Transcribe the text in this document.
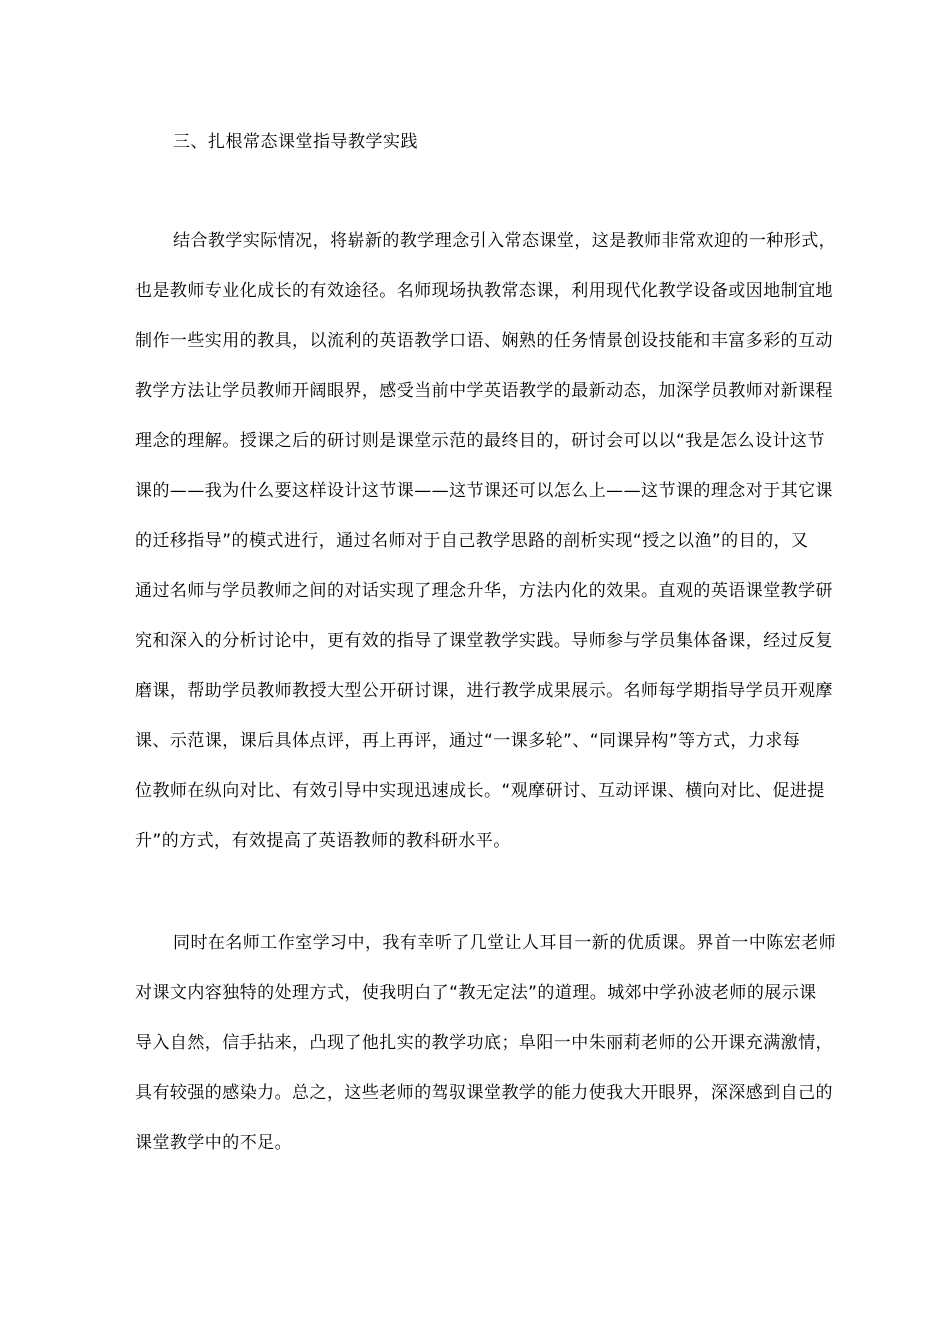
三、扎根常态课堂指导教学实践
结合教学实际情况，将崭新的教学理念引入常态课堂，这是教师非常欢迎的一种形式，
也是教师专业化成长的有效途径。名师现场执教常态课，利用现代化教学设备或因地制宜地
制作一些实用的教具，以流利的英语教学口语、娴熟的任务情景创设技能和丰富多彩的互动
教学方法让学员教师开阔眼界，感受当前中学英语教学的最新动态，加深学员教师对新课程
理念的理解。授课之后的研讨则是课堂示范的最终目的，研讨会可以以“我是怎么设计这节
课的——我为什么要这样设计这节课——这节课还可以怎么上——这节课的理念对于其它课
的迁移指导”的模式进行，通过名师对于自己教学思路的剖析实现“授之以渔”的目的，又
通过名师与学员教师之间的对话实现了理念升华，方法内化的效果。直观的英语课堂教学研
究和深入的分析讨论中，更有效的指导了课堂教学实践。导师参与学员集体备课，经过反复
磨课，帮助学员教师教授大型公开研讨课，进行教学成果展示。名师每学期指导学员开观摩
课、示范课，课后具体点评，再上再评，通过“一课多轮”、“同课异构”等方式，力求每
位教师在纵向对比、有效引导中实现迅速成长。“观摩研讨、互动评课、横向对比、促进提
升”的方式，有效提高了英语教师的教科研水平。
同时在名师工作室学习中，我有幸听了几堂让人耳目一新的优质课。界首一中陈宏老师
对课文内容独特的处理方式，使我明白了“教无定法”的道理。城郊中学孙波老师的展示课
导入自然，信手拈来，凸现了他扎实的教学功底；阜阳一中朱丽莉老师的公开课充满激情，
具有较强的感染力。总之，这些老师的驾驭课堂教学的能力使我大开眼界，深深感到自己的
课堂教学中的不足。
